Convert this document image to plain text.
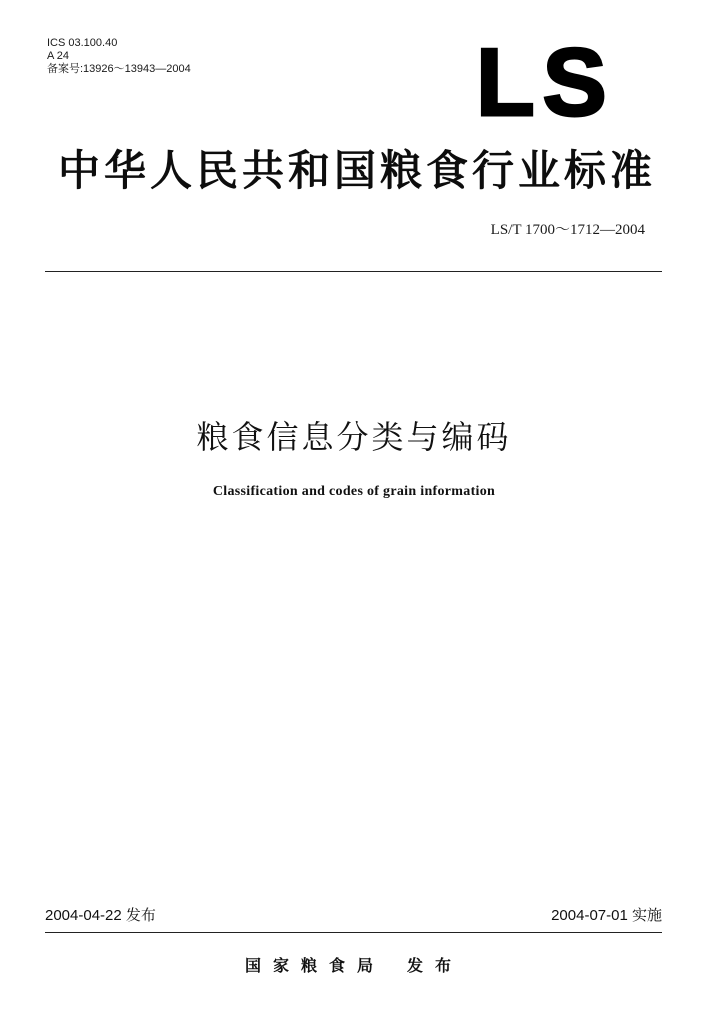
ICS 03.100.40
A 24
备案号:13926～13943—2004	LS
中华人民共和国粮食行业标准
LS/T 1700～1712—2004
粮食信息分类与编码
Classification and codes of grain information
2004-04-22 发布	2004-07-01 实施
国家粮食局 发布
